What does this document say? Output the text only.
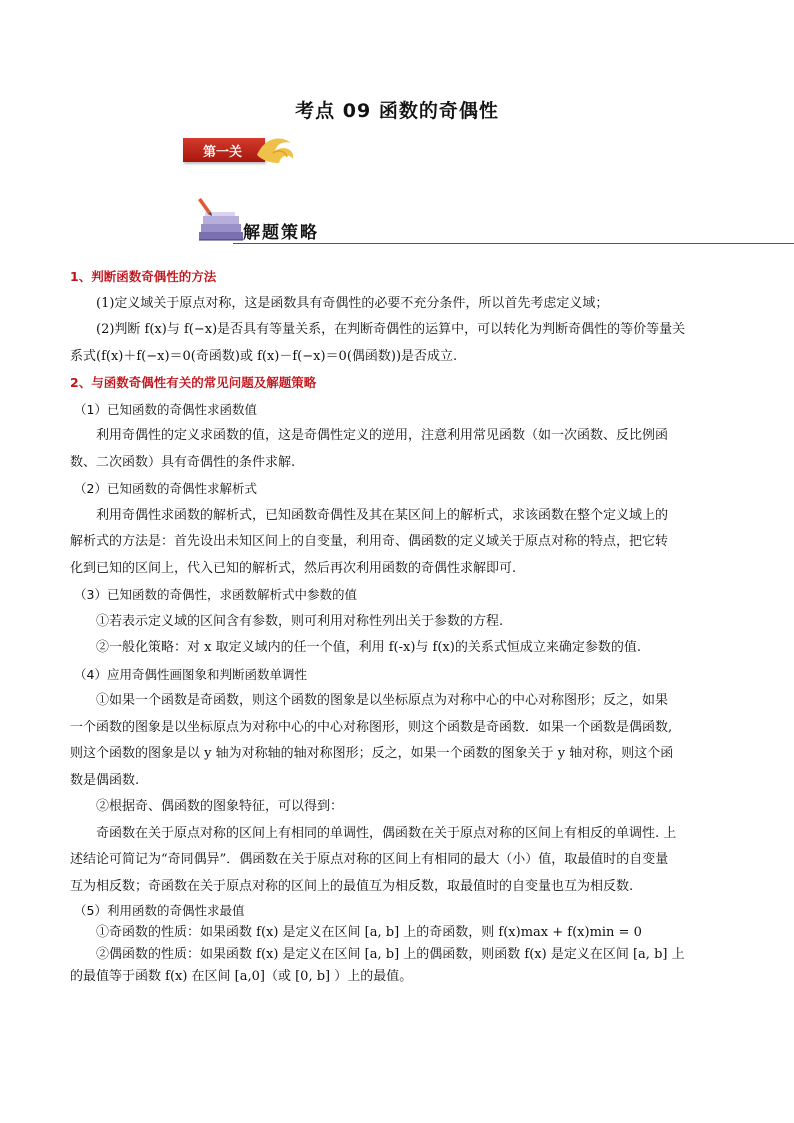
考点 09 函数的奇偶性
第一关
解题策略

1、判断函数奇偶性的方法

(1)定义域关于原点对称，这是函数具有奇偶性的必要不充分条件，所以首先考虑定义域；

(2)判断 f(x)与 f(−x)是否具有等量关系，在判断奇偶性的运算中，可以转化为判断奇偶性的等价等量关

系式(f(x)＋f(−x)＝0(奇函数)或 f(x)－f(−x)＝0(偶函数))是否成立.

2、与函数奇偶性有关的常见问题及解题策略

（1）已知函数的奇偶性求函数值

利用奇偶性的定义求函数的值，这是奇偶性定义的逆用，注意利用常见函数（如一次函数、反比例函

数、二次函数）具有奇偶性的条件求解.

（2）已知函数的奇偶性求解析式

利用奇偶性求函数的解析式，已知函数奇偶性及其在某区间上的解析式，求该函数在整个定义域上的

解析式的方法是：首先设出未知区间上的自变量，利用奇、偶函数的定义域关于原点对称的特点，把它转

化到已知的区间上，代入已知的解析式，然后再次利用函数的奇偶性求解即可.

（3）已知函数的奇偶性，求函数解析式中参数的值

①若表示定义域的区间含有参数，则可利用对称性列出关于参数的方程.

②一般化策略：对 x 取定义域内的任一个值，利用 f(-x)与 f(x)的关系式恒成立来确定参数的值.

（4）应用奇偶性画图象和判断函数单调性

①如果一个函数是奇函数，则这个函数的图象是以坐标原点为对称中心的中心对称图形；反之，如果

一个函数的图象是以坐标原点为对称中心的中心对称图形，则这个函数是奇函数．如果一个函数是偶函数,

则这个函数的图象是以 y 轴为对称轴的轴对称图形；反之，如果一个函数的图象关于 y 轴对称，则这个函

数是偶函数.

②根据奇、偶函数的图象特征，可以得到：

奇函数在关于原点对称的区间上有相同的单调性，偶函数在关于原点对称的区间上有相反的单调性. 上

述结论可简记为“奇同偶异”．偶函数在关于原点对称的区间上有相同的最大（小）值，取最值时的自变量

互为相反数；奇函数在关于原点对称的区间上的最值互为相反数，取最值时的自变量也互为相反数.

（5）利用函数的奇偶性求最值

①奇函数的性质：如果函数 f(x) 是定义在区间 [a, b] 上的奇函数，则 f(x)max + f(x)min = 0

②偶函数的性质：如果函数 f(x) 是定义在区间 [a, b] 上的偶函数，则函数 f(x) 是定义在区间 [a, b] 上

的最值等于函数 f(x) 在区间 [a,0]（或 [0, b] ）上的最值。
